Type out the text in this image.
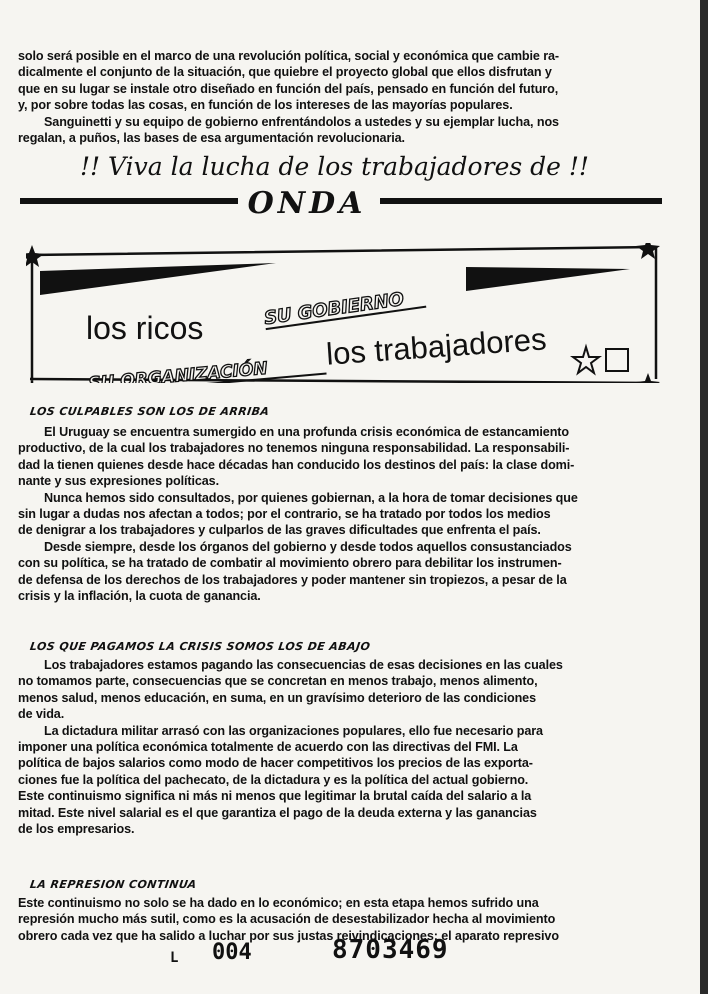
solo será posible en el marco de una revolución política, social y económica que cambie ra-
dicalmente el conjunto de la situación, que quiebre el proyecto global que ellos disfrutan y
que en su lugar se instale otro diseñado en función del país, pensado en función del futuro,
y, por sobre todas las cosas, en función de los intereses de las mayorías populares.
Sanguinetti y su equipo de gobierno enfrentándolos a ustedes y su ejemplar lucha, nos
regalan, a puños, las bases de esa argumentación revolucionaria.
!! Viva la lucha de los trabajadores de !!
ONDA
los ricos	SU GOBIERNO
SU ORGANIZACIÓN
los trabajadores
LOS CULPABLES SON LOS DE ARRIBA
El Uruguay se encuentra sumergido en una profunda crisis económica de estancamiento
productivo, de la cual los trabajadores no tenemos ninguna responsabilidad. La responsabili-
dad la tienen quienes desde hace décadas han conducido los destinos del país: la clase domi-
nante y sus expresiones políticas.
Nunca hemos sido consultados, por quienes gobiernan, a la hora de tomar decisiones que
sin lugar a dudas nos afectan a todos; por el contrario, se ha tratado por todos los medios
de denigrar a los trabajadores y culparlos de las graves dificultades que enfrenta el país.
Desde siempre, desde los órganos del gobierno y desde todos aquellos consustanciados
con su política, se ha tratado de combatir al movimiento obrero para debilitar los instrumen-
de defensa de los derechos de los trabajadores y poder mantener sin tropiezos, a pesar de la
crisis y la inflación, la cuota de ganancia.
LOS QUE PAGAMOS LA CRISIS SOMOS LOS DE ABAJO
Los trabajadores estamos pagando las consecuencias de esas decisiones en las cuales
no tomamos parte, consecuencias que se concretan en menos trabajo, menos alimento,
menos salud, menos educación, en suma, en un gravísimo deterioro de las condiciones
de vida.
La dictadura militar arrasó con las organizaciones populares, ello fue necesario para
imponer una política económica totalmente de acuerdo con las directivas del FMI. La
política de bajos salarios como modo de hacer competitivos los precios de las exporta-
ciones fue la política del pachecato, de la dictadura y es la política del actual gobierno.
Este continuismo significa ni más ni menos que legitimar la brutal caída del salario a la
mitad. Este nivel salarial es el que garantiza el pago de la deuda externa y las ganancias
de los empresarios.
LA REPRESION CONTINUA
Este continuismo no solo se ha dado en lo económico; en esta etapa hemos sufrido una
represión mucho más sutil, como es la acusación de desestabilizador hecha al movimiento
obrero cada vez que ha salido a luchar por sus justas reivindicaciones; el aparato represivo
L 004	8703469
